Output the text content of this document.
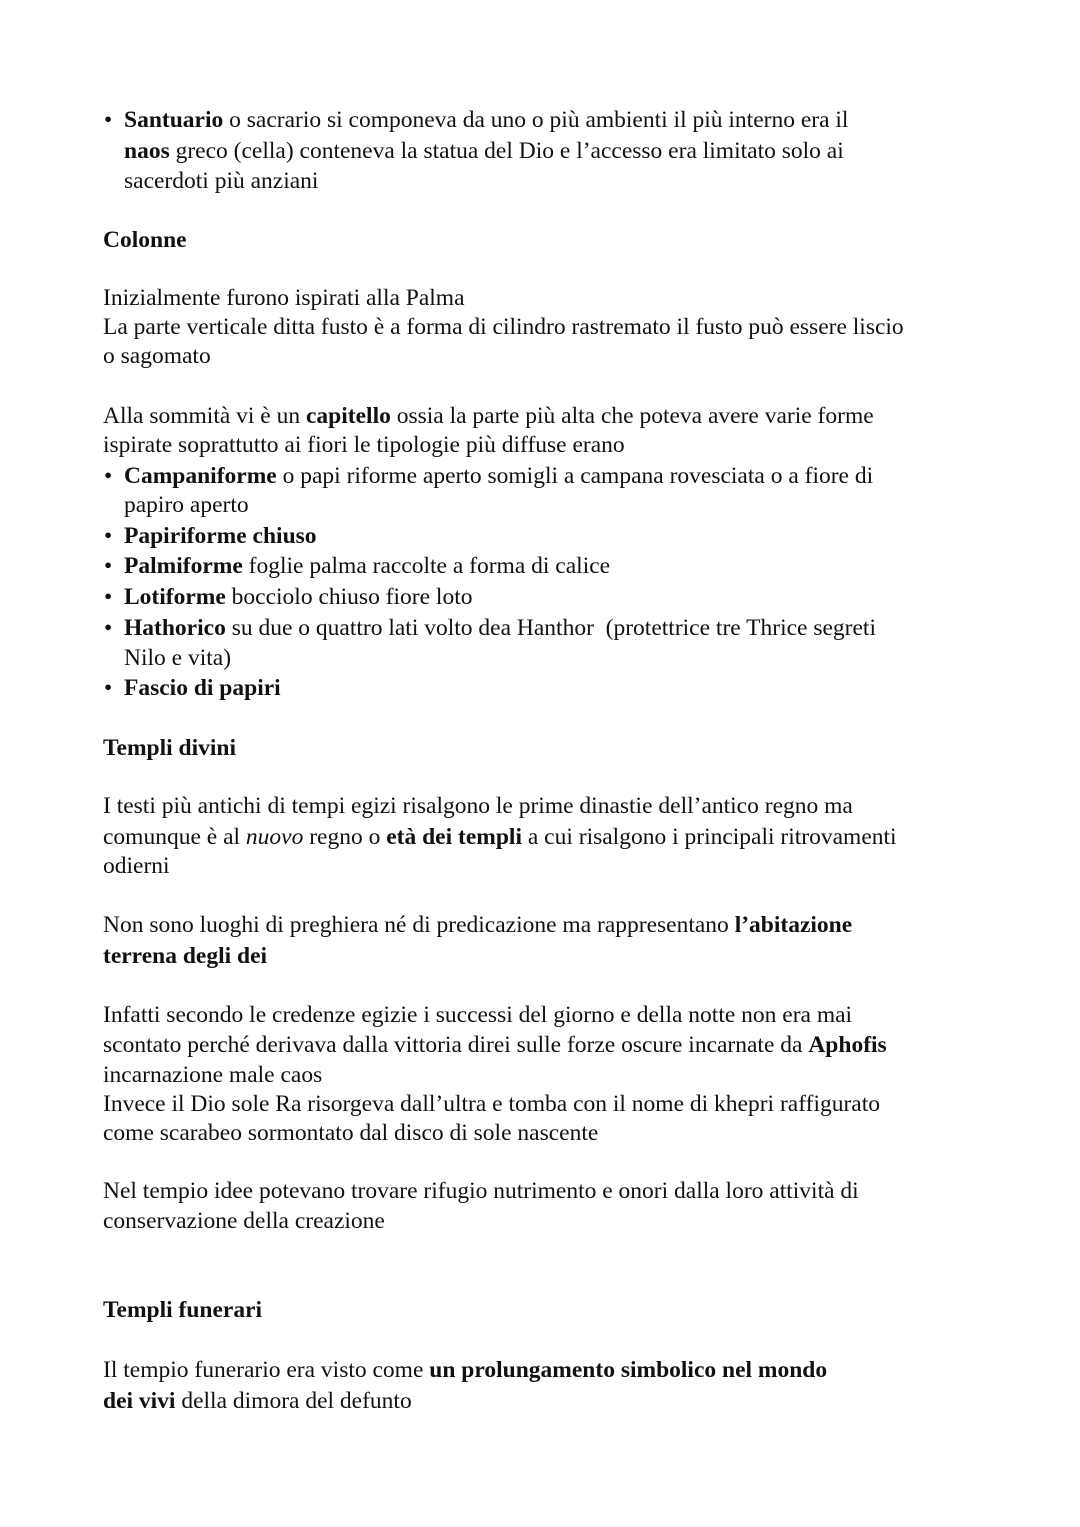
• Santuario o sacrario si componeva da uno o più ambienti il più interno era il
naos greco (cella) conteneva la statua del Dio e l’accesso era limitato solo ai
sacerdoti più anziani
Colonne
Inizialmente furono ispirati alla Palma
La parte verticale ditta fusto è a forma di cilindro rastremato il fusto può essere liscio
o sagomato
Alla sommità vi è un capitello ossia la parte più alta che poteva avere varie forme
ispirate soprattutto ai fiori le tipologie più diffuse erano
• Campaniforme o papi riforme aperto somigli a campana rovesciata o a fiore di
papiro aperto
• Papiriforme chiuso
• Palmiforme foglie palma raccolte a forma di calice
• Lotiforme bocciolo chiuso fiore loto
• Hathorico su due o quattro lati volto dea Hanthor  (protettrice tre Thrice segreti
Nilo e vita)
• Fascio di papiri
Templi divini
I testi più antichi di tempi egizi risalgono le prime dinastie dell’antico regno ma
comunque è al nuovo regno o età dei templi a cui risalgono i principali ritrovamenti
odierni
Non sono luoghi di preghiera né di predicazione ma rappresentano l’abitazione
terrena degli dei
Infatti secondo le credenze egizie i successi del giorno e della notte non era mai
scontato perché derivava dalla vittoria direi sulle forze oscure incarnate da Aphofis
incarnazione male caos
Invece il Dio sole Ra risorgeva dall’ultra e tomba con il nome di khepri raffigurato
come scarabeo sormontato dal disco di sole nascente
Nel tempio idee potevano trovare rifugio nutrimento e onori dalla loro attività di
conservazione della creazione
Templi funerari
Il tempio funerario era visto come un prolungamento simbolico nel mondo
dei vivi della dimora del defunto
